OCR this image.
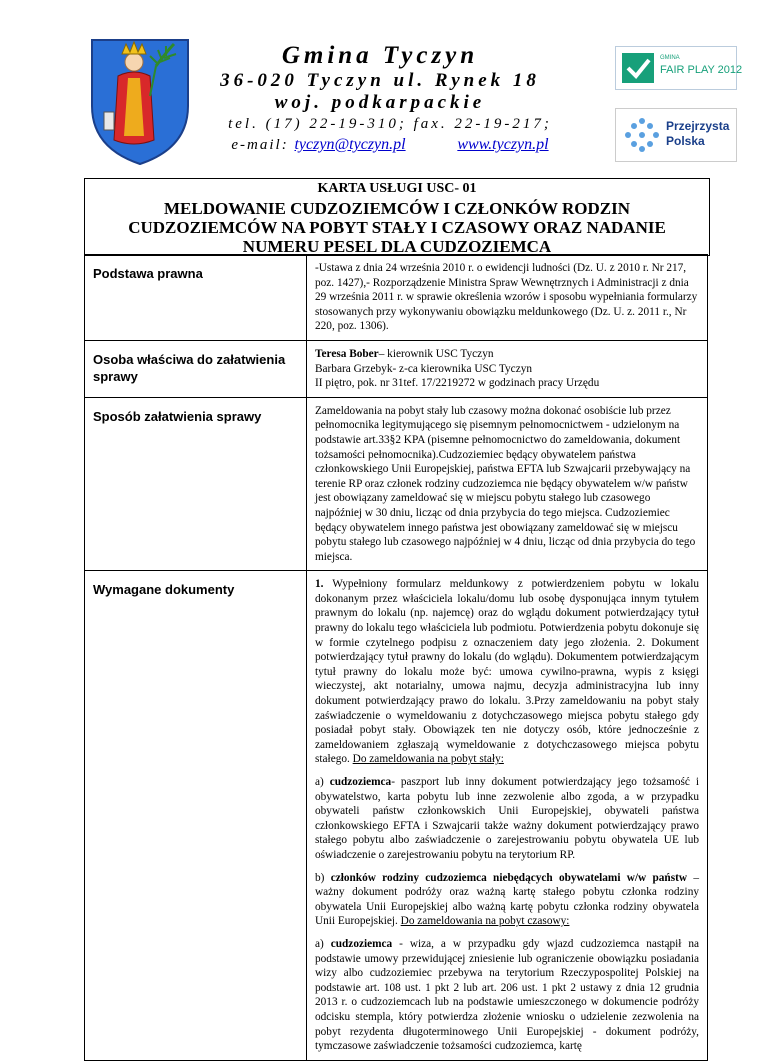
Gmina Tyczyn
36-020 Tyczyn ul. Rynek 18
woj. podkarpackie
tel. (17) 22-19-310; fax. 22-19-217;
e-mail: tyczyn@tyczyn.pl	www.tyczyn.pl
GMINA
FAIR PLAY 2012
Przejrzysta
Polska
KARTA USŁUGI USC- 01
MELDOWANIE CUDZOZIEMCÓW I CZŁONKÓW RODZIN CUDZOZIEMCÓW NA POBYT STAŁY I CZASOWY ORAZ NADANIE NUMERU PESEL DLA CUDZOZIEMCA
Podstawa prawna	-Ustawa z dnia 24 września 2010 r. o ewidencji ludności (Dz. U. z 2010 r. Nr 217, poz. 1427),- Rozporządzenie Ministra Spraw Wewnętrznych i Administracji z dnia 29 września 2011 r. w sprawie określenia wzorów i sposobu wypełniania formularzy stosowanych przy wykonywaniu obowiązku meldunkowego (Dz. U. z. 2011 r., Nr 220, poz. 1306).
Osoba właściwa do załatwienia sprawy	Teresa Bober– kierownik USC Tyczyn
Barbara Grzebyk- z-ca kierownika USC Tyczyn
II piętro, pok. nr 31tef. 17/2219272 w godzinach pracy Urzędu
Sposób załatwienia sprawy	Zameldowania na pobyt stały lub czasowy można dokonać osobiście lub przez pełnomocnika legitymującego się pisemnym pełnomocnictwem - udzielonym na podstawie art.33§2 KPA (pisemne pełnomocnictwo do zameldowania, dokument tożsamości pełnomocnika).Cudzoziemiec będący obywatelem państwa członkowskiego Unii Europejskiej, państwa EFTA lub Szwajcarii przebywający na terenie RP oraz członek rodziny cudzoziemca nie będący obywatelem w/w państw jest obowiązany zameldować się w miejscu pobytu stałego lub czasowego najpóźniej w 30 dniu, licząc od dnia przybycia do tego miejsca. Cudzoziemiec będący obywatelem innego państwa jest obowiązany zameldować się w miejscu pobytu stałego lub czasowego najpóźniej w 4 dniu, licząc od dnia przybycia do tego miejsca.
Wymagane dokumenty	1. Wypełniony formularz meldunkowy z potwierdzeniem pobytu w lokalu dokonanym przez właściciela lokalu/domu lub osobę dysponująca innym tytułem prawnym do lokalu (np. najemcę) oraz do wglądu dokument potwierdzający tytuł prawny do lokalu tego właściciela lub podmiotu. Potwierdzenia pobytu dokonuje się w formie czytelnego podpisu z oznaczeniem daty jego złożenia. 2. Dokument potwierdzający tytuł prawny do lokalu (do wglądu). Dokumentem potwierdzającym tytuł prawny do lokalu może być: umowa cywilno-prawna, wypis z księgi wieczystej, akt notarialny, umowa najmu, decyzja administracyjna lub inny dokument potwierdzający prawo do lokalu. 3.Przy zameldowaniu na pobyt stały zaświadczenie o wymeldowaniu z dotychczasowego miejsca pobytu stałego gdy posiadał pobyt stały. Obowiązek ten nie dotyczy osób, które jednocześnie z zameldowaniem zgłaszają wymeldowanie z dotychczasowego miejsca pobytu stałego. Do zameldowania na pobyt stały:

a) cudzoziemca- paszport lub inny dokument potwierdzający jego tożsamość i obywatelstwo, karta pobytu lub inne zezwolenie albo zgoda, a w przypadku obywateli państw członkowskich Unii Europejskiej, obywateli państwa członkowskiego EFTA i Szwajcarii także ważny dokument potwierdzający prawo stałego pobytu albo zaświadczenie o zarejestrowaniu pobytu obywatela UE lub oświadczenie o zarejestrowaniu pobytu na terytorium RP.

b) członków rodziny cudzoziemca niebędących obywatelami w/w państw – ważny dokument podróży oraz ważną kartę stałego pobytu członka rodziny obywatela Unii Europejskiej albo ważną kartę pobytu członka rodziny obywatela Unii Europejskiej. Do zameldowania na pobyt czasowy:

a) cudzoziemca - wiza, a w przypadku gdy wjazd cudzoziemca nastąpił na podstawie umowy przewidującej zniesienie lub ograniczenie obowiązku posiadania wizy albo cudzoziemiec przebywa na terytorium Rzeczypospolitej Polskiej na podstawie art. 108 ust. 1 pkt 2 lub art. 206 ust. 1 pkt 2 ustawy z dnia 12 grudnia 2013 r. o cudzoziemcach lub na podstawie umieszczonego w dokumencie podróży odcisku stempla, który potwierdza złożenie wniosku o udzielenie zezwolenia na pobyt rezydenta długoterminowego Unii Europejskiej - dokument podróży, tymczasowe zaświadczenie tożsamości cudzoziemca, kartę
